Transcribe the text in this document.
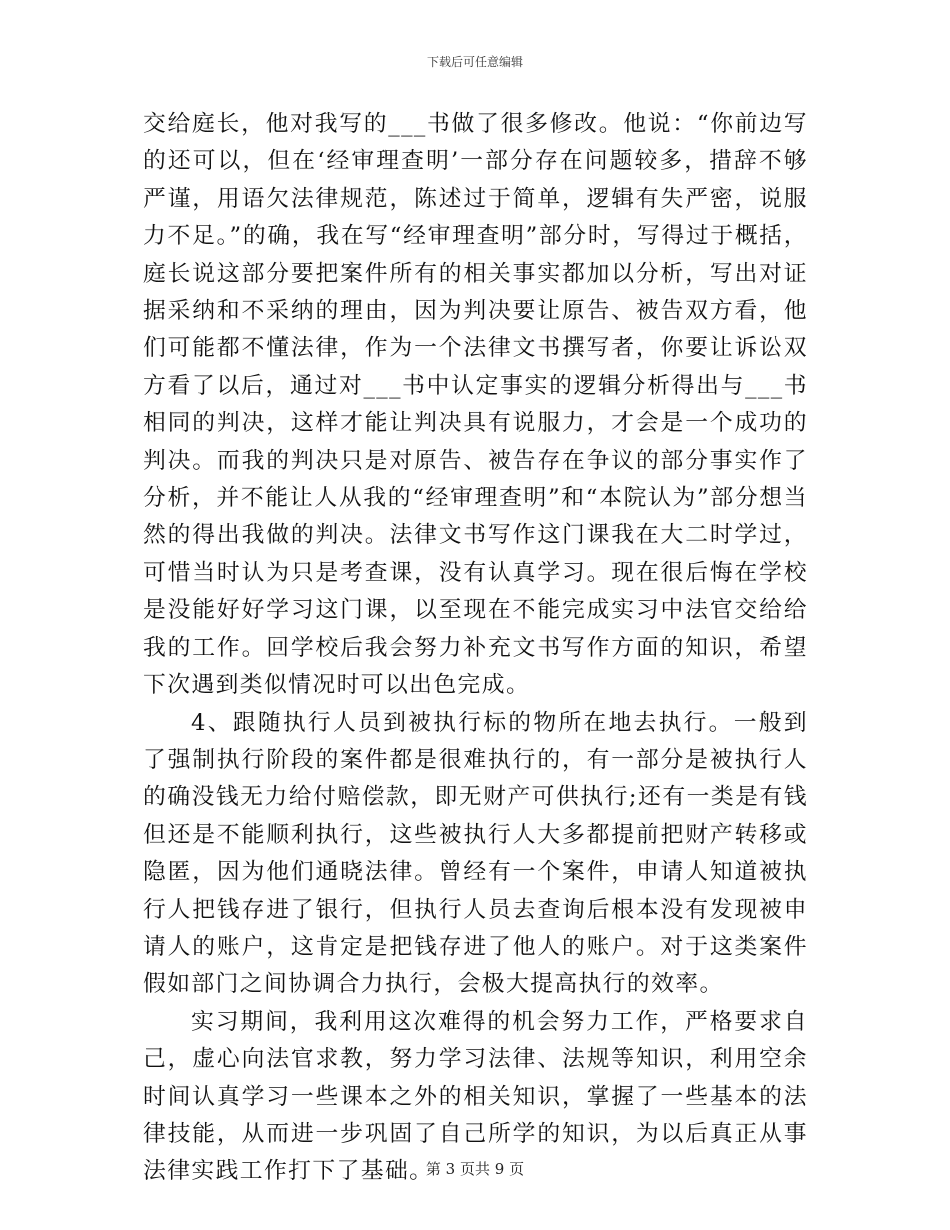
下载后可任意编辑

交给庭长，他对我写的___书做了很多修改。他说：“你前边写的还可以，但在‘经审理查明’一部分存在问题较多，措辞不够严谨，用语欠法律规范，陈述过于简单，逻辑有失严密，说服力不足。”的确，我在写“经审理查明”部分时，写得过于概括，庭长说这部分要把案件所有的相关事实都加以分析，写出对证据采纳和不采纳的理由，因为判决要让原告、被告双方看，他们可能都不懂法律，作为一个法律文书撰写者，你要让诉讼双方看了以后，通过对___书中认定事实的逻辑分析得出与___书相同的判决，这样才能让判决具有说服力，才会是一个成功的判决。而我的判决只是对原告、被告存在争议的部分事实作了分析，并不能让人从我的“经审理查明”和“本院认为”部分想当然的得出我做的判决。法律文书写作这门课我在大二时学过，可惜当时认为只是考查课，没有认真学习。现在很后悔在学校是没能好好学习这门课，以至现在不能完成实习中法官交给给我的工作。回学校后我会努力补充文书写作方面的知识，希望下次遇到类似情况时可以出色完成。

4、跟随执行人员到被执行标的物所在地去执行。一般到了强制执行阶段的案件都是很难执行的，有一部分是被执行人的确没钱无力给付赔偿款，即无财产可供执行;还有一类是有钱但还是不能顺利执行，这些被执行人大多都提前把财产转移或隐匿，因为他们通晓法律。曾经有一个案件，申请人知道被执行人把钱存进了银行，但执行人员去查询后根本没有发现被申请人的账户，这肯定是把钱存进了他人的账户。对于这类案件假如部门之间协调合力执行，会极大提高执行的效率。

实习期间，我利用这次难得的机会努力工作，严格要求自己，虚心向法官求教，努力学习法律、法规等知识，利用空余时间认真学习一些课本之外的相关知识，掌握了一些基本的法律技能，从而进一步巩固了自己所学的知识，为以后真正从事法律实践工作打下了基础。

第 3 页共 9 页
